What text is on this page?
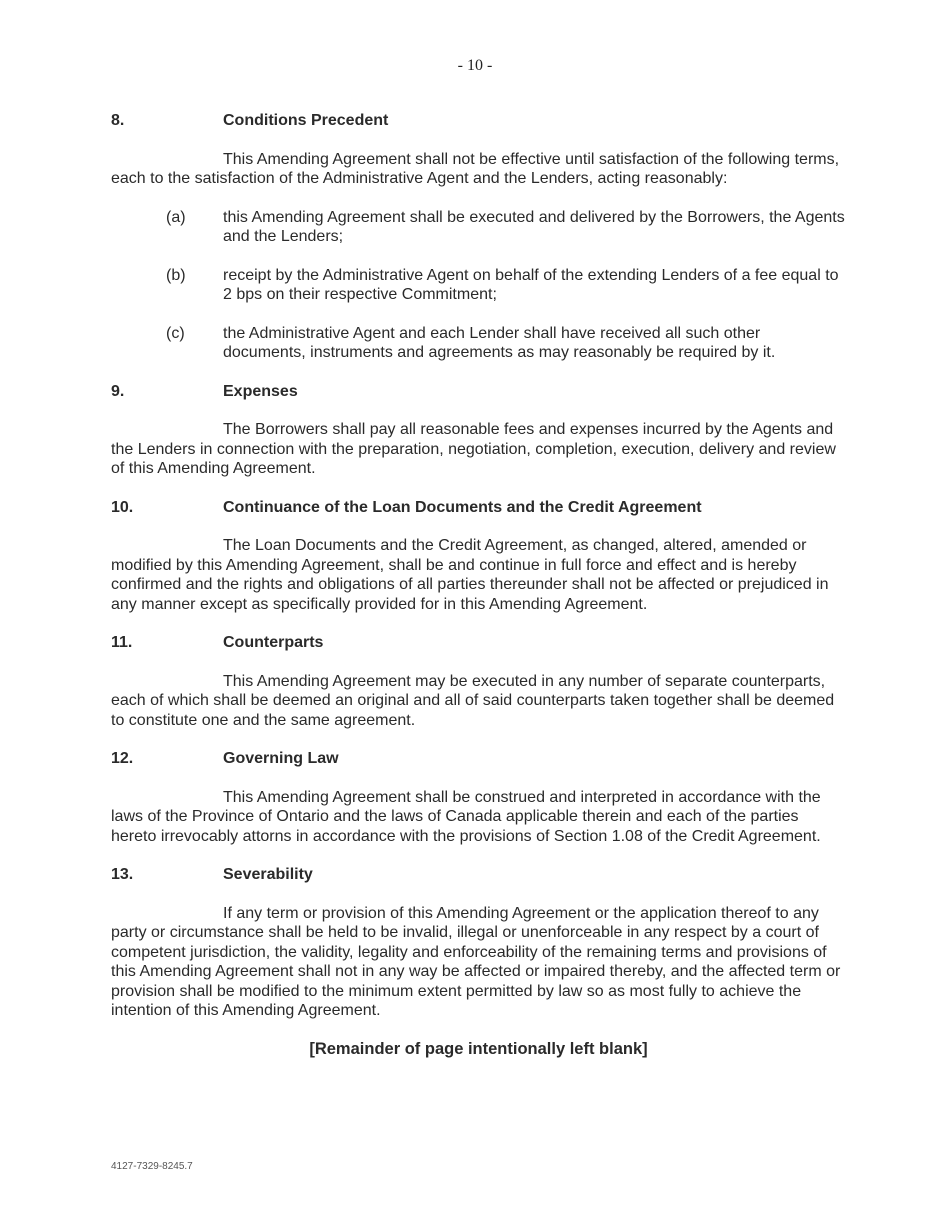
- 10 -
8.	Conditions Precedent

This Amending Agreement shall not be effective until satisfaction of the following terms, each to the satisfaction of the Administrative Agent and the Lenders, acting reasonably:

(a)	this Amending Agreement shall be executed and delivered by the Borrowers, the Agents and the Lenders;
(b)	receipt by the Administrative Agent on behalf of the extending Lenders of a fee equal to 2 bps on their respective Commitment;
(c)	the Administrative Agent and each Lender shall have received all such other documents, instruments and agreements as may reasonably be required by it.
9.	Expenses

The Borrowers shall pay all reasonable fees and expenses incurred by the Agents and the Lenders in connection with the preparation, negotiation, completion, execution, delivery and review of this Amending Agreement.

10.	Continuance of the Loan Documents and the Credit Agreement

The Loan Documents and the Credit Agreement, as changed, altered, amended or modified by this Amending Agreement, shall be and continue in full force and effect and is hereby confirmed and the rights and obligations of all parties thereunder shall not be affected or prejudiced in any manner except as specifically provided for in this Amending Agreement.

11.	Counterparts

This Amending Agreement may be executed in any number of separate counterparts, each of which shall be deemed an original and all of said counterparts taken together shall be deemed to constitute one and the same agreement.

12.	Governing Law

This Amending Agreement shall be construed and interpreted in accordance with the laws of the Province of Ontario and the laws of Canada applicable therein and each of the parties hereto irrevocably attorns in accordance with the provisions of Section 1.08 of the Credit Agreement.

13.	Severability

If any term or provision of this Amending Agreement or the application thereof to any party or circumstance shall be held to be invalid, illegal or unenforceable in any respect by a court of competent jurisdiction, the validity, legality and enforceability of the remaining terms and provisions of this Amending Agreement shall not in any way be affected or impaired thereby, and the affected term or provision shall be modified to the minimum extent permitted by law so as most fully to achieve the intention of this Amending Agreement.

[Remainder of page intentionally left blank]
4127-7329-8245.7
